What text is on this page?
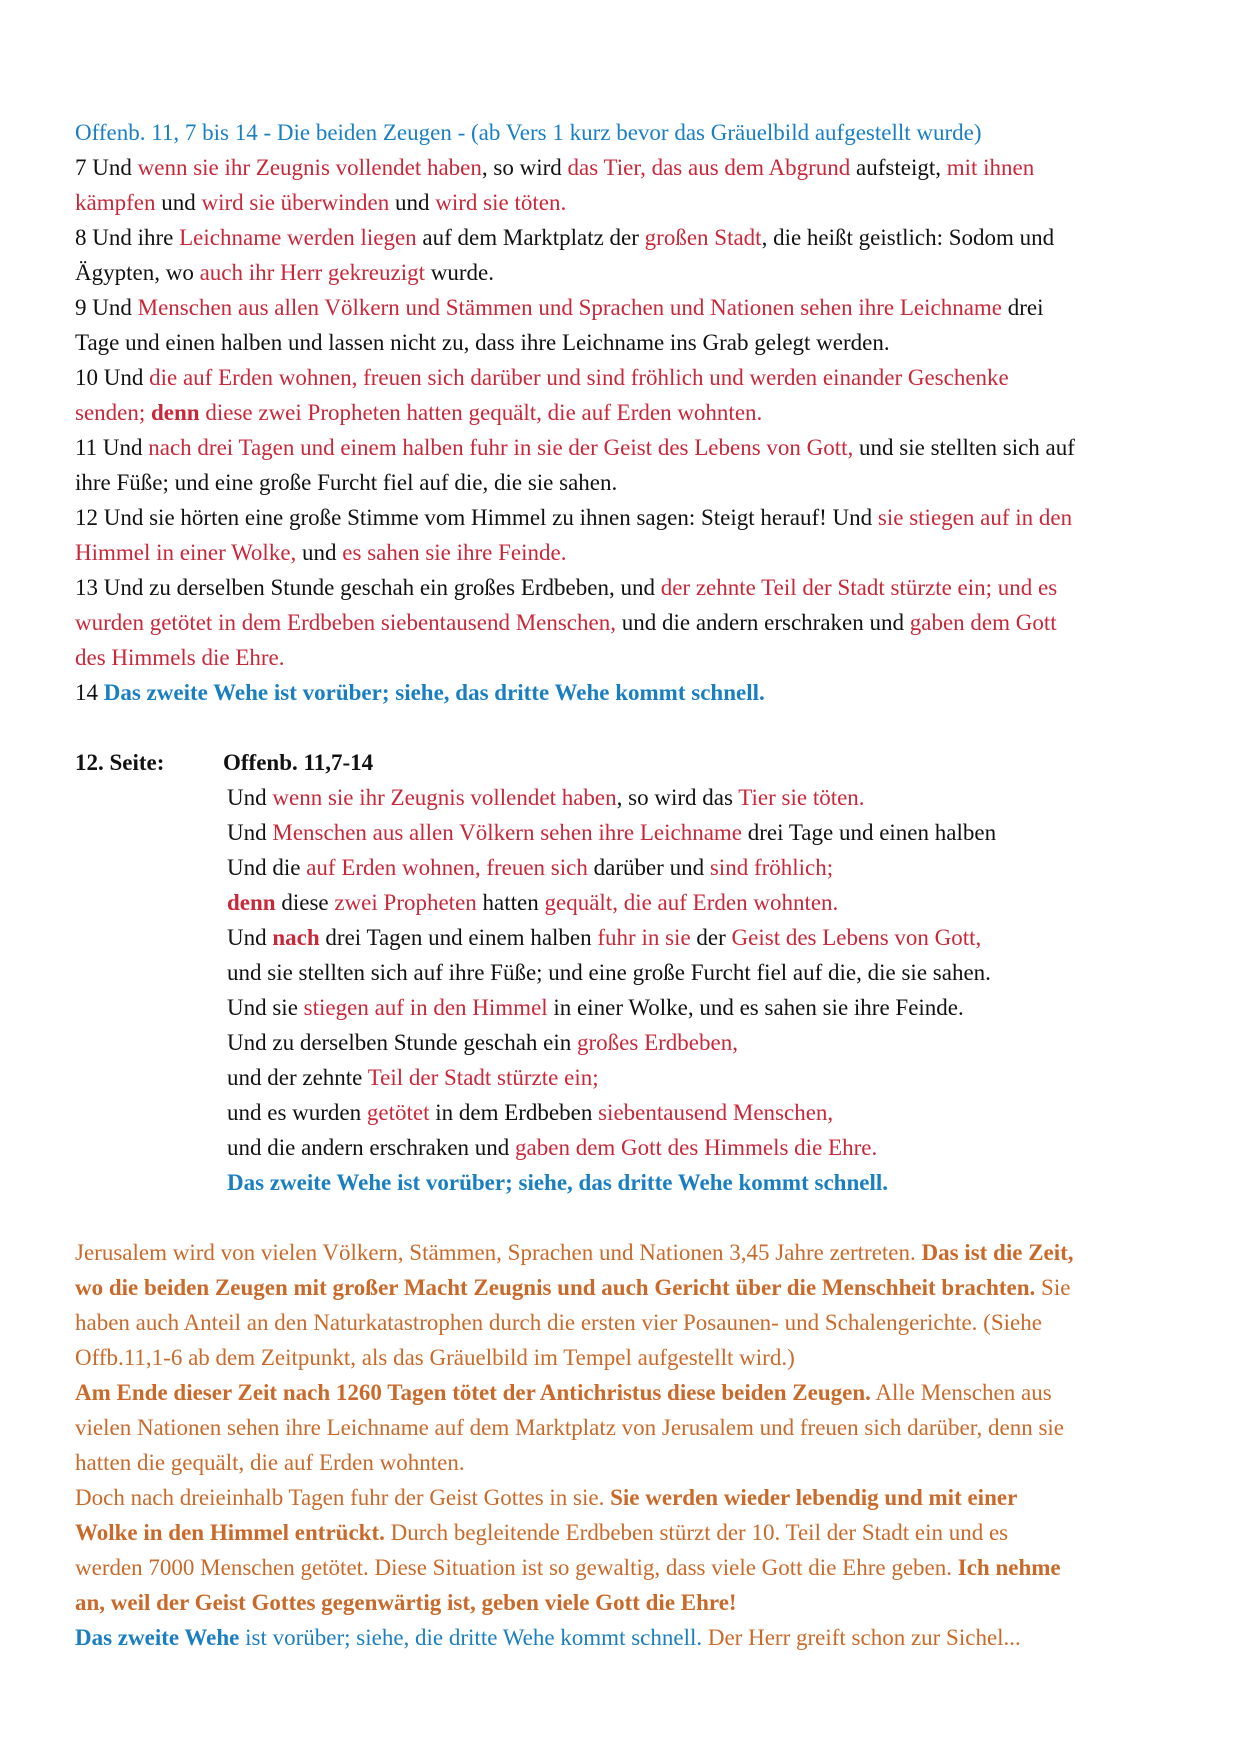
Offenb. 11, 7 bis 14 - Die beiden Zeugen - (ab Vers 1 kurz bevor das Gräuelbild aufgestellt wurde)
7 Und wenn sie ihr Zeugnis vollendet haben, so wird das Tier, das aus dem Abgrund aufsteigt, mit ihnen
kämpfen und wird sie überwinden und wird sie töten.
8 Und ihre Leichname werden liegen auf dem Marktplatz der großen Stadt, die heißt geistlich: Sodom und
Ägypten, wo auch ihr Herr gekreuzigt wurde.
9 Und Menschen aus allen Völkern und Stämmen und Sprachen und Nationen sehen ihre Leichname drei
Tage und einen halben und lassen nicht zu, dass ihre Leichname ins Grab gelegt werden.
10 Und die auf Erden wohnen, freuen sich darüber und sind fröhlich und werden einander Geschenke
senden; denn diese zwei Propheten hatten gequält, die auf Erden wohnten.
11 Und nach drei Tagen und einem halben fuhr in sie der Geist des Lebens von Gott, und sie stellten sich auf
ihre Füße; und eine große Furcht fiel auf die, die sie sahen.
12 Und sie hörten eine große Stimme vom Himmel zu ihnen sagen: Steigt herauf! Und sie stiegen auf in den
Himmel in einer Wolke, und es sahen sie ihre Feinde.
13 Und zu derselben Stunde geschah ein großes Erdbeben, und der zehnte Teil der Stadt stürzte ein; und es
wurden getötet in dem Erdbeben siebentausend Menschen, und die andern erschraken und gaben dem Gott
des Himmels die Ehre.
14 Das zweite Wehe ist vorüber; siehe, das dritte Wehe kommt schnell.
12. Seite:	Offenb. 11,7-14
Und wenn sie ihr Zeugnis vollendet haben, so wird das Tier sie töten.
Und Menschen aus allen Völkern sehen ihre Leichname drei Tage und einen halben
Und die auf Erden wohnen, freuen sich darüber und sind fröhlich;
denn diese zwei Propheten hatten gequält, die auf Erden wohnten.
Und nach drei Tagen und einem halben fuhr in sie der Geist des Lebens von Gott,
und sie stellten sich auf ihre Füße; und eine große Furcht fiel auf die, die sie sahen.
Und sie stiegen auf in den Himmel in einer Wolke, und es sahen sie ihre Feinde.
Und zu derselben Stunde geschah ein großes Erdbeben,
und der zehnte Teil der Stadt stürzte ein;
und es wurden getötet in dem Erdbeben siebentausend Menschen,
und die andern erschraken und gaben dem Gott des Himmels die Ehre.
Das zweite Wehe ist vorüber; siehe, das dritte Wehe kommt schnell.
Jerusalem wird von vielen Völkern, Stämmen, Sprachen und Nationen 3,45 Jahre zertreten. Das ist die Zeit,
wo die beiden Zeugen mit großer Macht Zeugnis und auch Gericht über die Menschheit brachten. Sie
haben auch Anteil an den Naturkatastrophen durch die ersten vier Posaunen- und Schalengerichte. (Siehe
Offb.11,1-6 ab dem Zeitpunkt, als das Gräuelbild im Tempel aufgestellt wird.)
Am Ende dieser Zeit nach 1260 Tagen tötet der Antichristus diese beiden Zeugen. Alle Menschen aus
vielen Nationen sehen ihre Leichname auf dem Marktplatz von Jerusalem und freuen sich darüber, denn sie
hatten die gequält, die auf Erden wohnten.
Doch nach dreieinhalb Tagen fuhr der Geist Gottes in sie. Sie werden wieder lebendig und mit einer
Wolke in den Himmel entrückt. Durch begleitende Erdbeben stürzt der 10. Teil der Stadt ein und es
werden 7000 Menschen getötet. Diese Situation ist so gewaltig, dass viele Gott die Ehre geben. Ich nehme
an, weil der Geist Gottes gegenwärtig ist, geben viele Gott die Ehre!
Das zweite Wehe ist vorüber; siehe, die dritte Wehe kommt schnell. Der Herr greift schon zur Sichel...
